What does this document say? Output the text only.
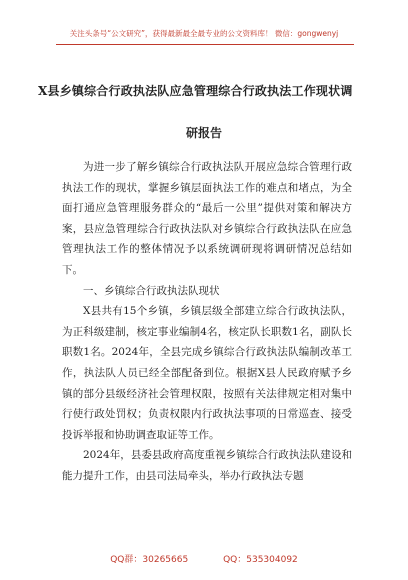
关注头条号“公文研究”，获得最新最全最专业的公文资料库！ 微信：gongwenyj
X县乡镇综合行政执法队应急管理综合行政执法工作现状调
研报告

为进一步了解乡镇综合行政执法队开展应急综合管理行政执法工作的现状，掌握乡镇层面执法工作的难点和堵点，为全面打通应急管理服务群众的“最后一公里”提供对策和解决方案，县应急管理综合行政执法队对乡镇综合行政执法队在应急管理执法工作的整体情况予以系统调研现将调研情况总结如下。

一、乡镇综合行政执法队现状

X县共有15个乡镇，乡镇层级全部建立综合行政执法队，为正科级建制，核定事业编制4名，核定队长职数1名，副队长职数1名。2024年，全县完成乡镇综合行政执法队编制改革工作，执法队人员已经全部配备到位。根据X县人民政府赋予乡镇的部分县级经济社会管理权限，按照有关法律规定相对集中行使行政处罚权；负责权限内行政执法事项的日常巡查、接受投诉举报和协助调查取证等工作。

2024年，县委县政府高度重视乡镇综合行政执法队建设和能力提升工作，由县司法局牵头，举办行政执法专题

QQ群：30265665	QQ：535304092
